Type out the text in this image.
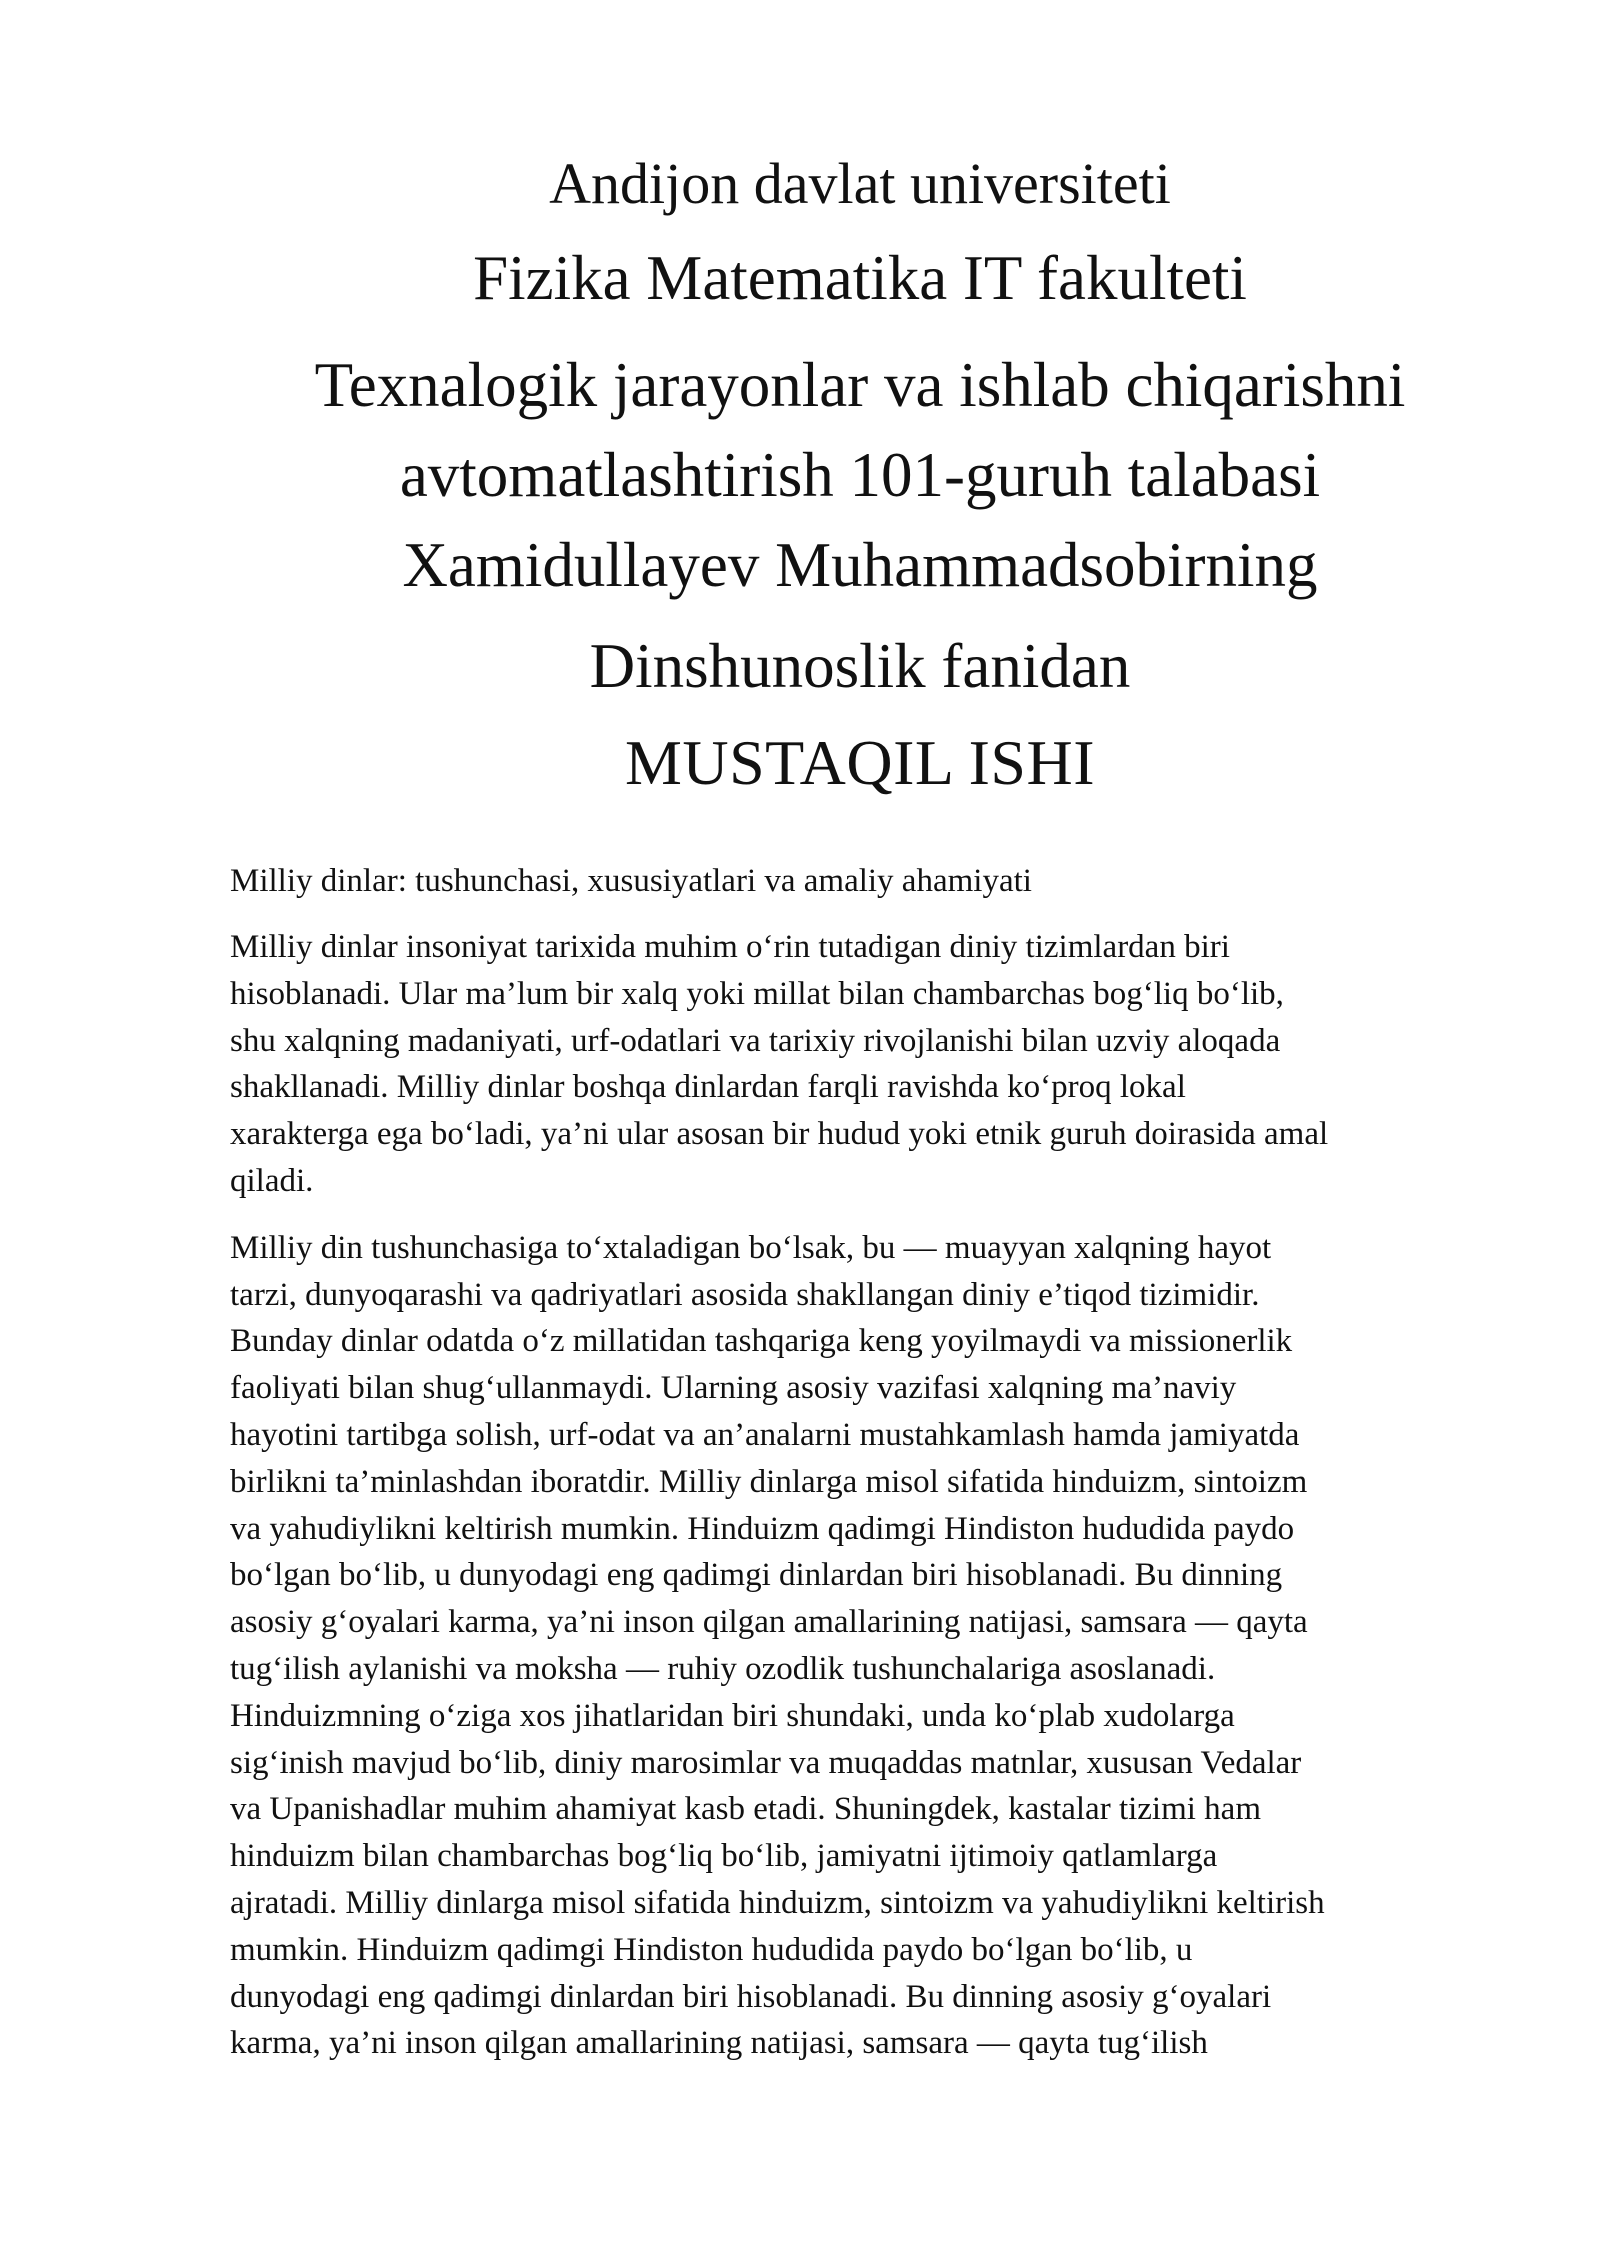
Andijon davlat universiteti
Fizika Matematika IT fakulteti
Texnalogik jarayonlar va ishlab chiqarishni
avtomatlashtirish 101-guruh talabasi
Xamidullayev Muhammadsobirning
Dinshunoslik fanidan
MUSTAQIL ISHI

Milliy dinlar: tushunchasi, xususiyatlari va amaliy ahamiyati

Milliy dinlar insoniyat tarixida muhim o‘rin tutadigan diniy tizimlardan biri
hisoblanadi. Ular ma’lum bir xalq yoki millat bilan chambarchas bog‘liq bo‘lib,
shu xalqning madaniyati, urf-odatlari va tarixiy rivojlanishi bilan uzviy aloqada
shakllanadi. Milliy dinlar boshqa dinlardan farqli ravishda ko‘proq lokal
xarakterga ega bo‘ladi, ya’ni ular asosan bir hudud yoki etnik guruh doirasida amal
qiladi.

Milliy din tushunchasiga to‘xtaladigan bo‘lsak, bu — muayyan xalqning hayot
tarzi, dunyoqarashi va qadriyatlari asosida shakllangan diniy e’tiqod tizimidir.
Bunday dinlar odatda o‘z millatidan tashqariga keng yoyilmaydi va missionerlik
faoliyati bilan shug‘ullanmaydi. Ularning asosiy vazifasi xalqning ma’naviy
hayotini tartibga solish, urf-odat va an’analarni mustahkamlash hamda jamiyatda
birlikni ta’minlashdan iboratdir. Milliy dinlarga misol sifatida hinduizm, sintoizm
va yahudiylikni keltirish mumkin. Hinduizm qadimgi Hindiston hududida paydo
bo‘lgan bo‘lib, u dunyodagi eng qadimgi dinlardan biri hisoblanadi. Bu dinning
asosiy g‘oyalari karma, ya’ni inson qilgan amallarining natijasi, samsara — qayta
tug‘ilish aylanishi va moksha — ruhiy ozodlik tushunchalariga asoslanadi.
Hinduizmning o‘ziga xos jihatlaridan biri shundaki, unda ko‘plab xudolarga
sig‘inish mavjud bo‘lib, diniy marosimlar va muqaddas matnlar, xususan Vedalar
va Upanishadlar muhim ahamiyat kasb etadi. Shuningdek, kastalar tizimi ham
hinduizm bilan chambarchas bog‘liq bo‘lib, jamiyatni ijtimoiy qatlamlarga
ajratadi. Milliy dinlarga misol sifatida hinduizm, sintoizm va yahudiylikni keltirish
mumkin. Hinduizm qadimgi Hindiston hududida paydo bo‘lgan bo‘lib, u
dunyodagi eng qadimgi dinlardan biri hisoblanadi. Bu dinning asosiy g‘oyalari
karma, ya’ni inson qilgan amallarining natijasi, samsara — qayta tug‘ilish
